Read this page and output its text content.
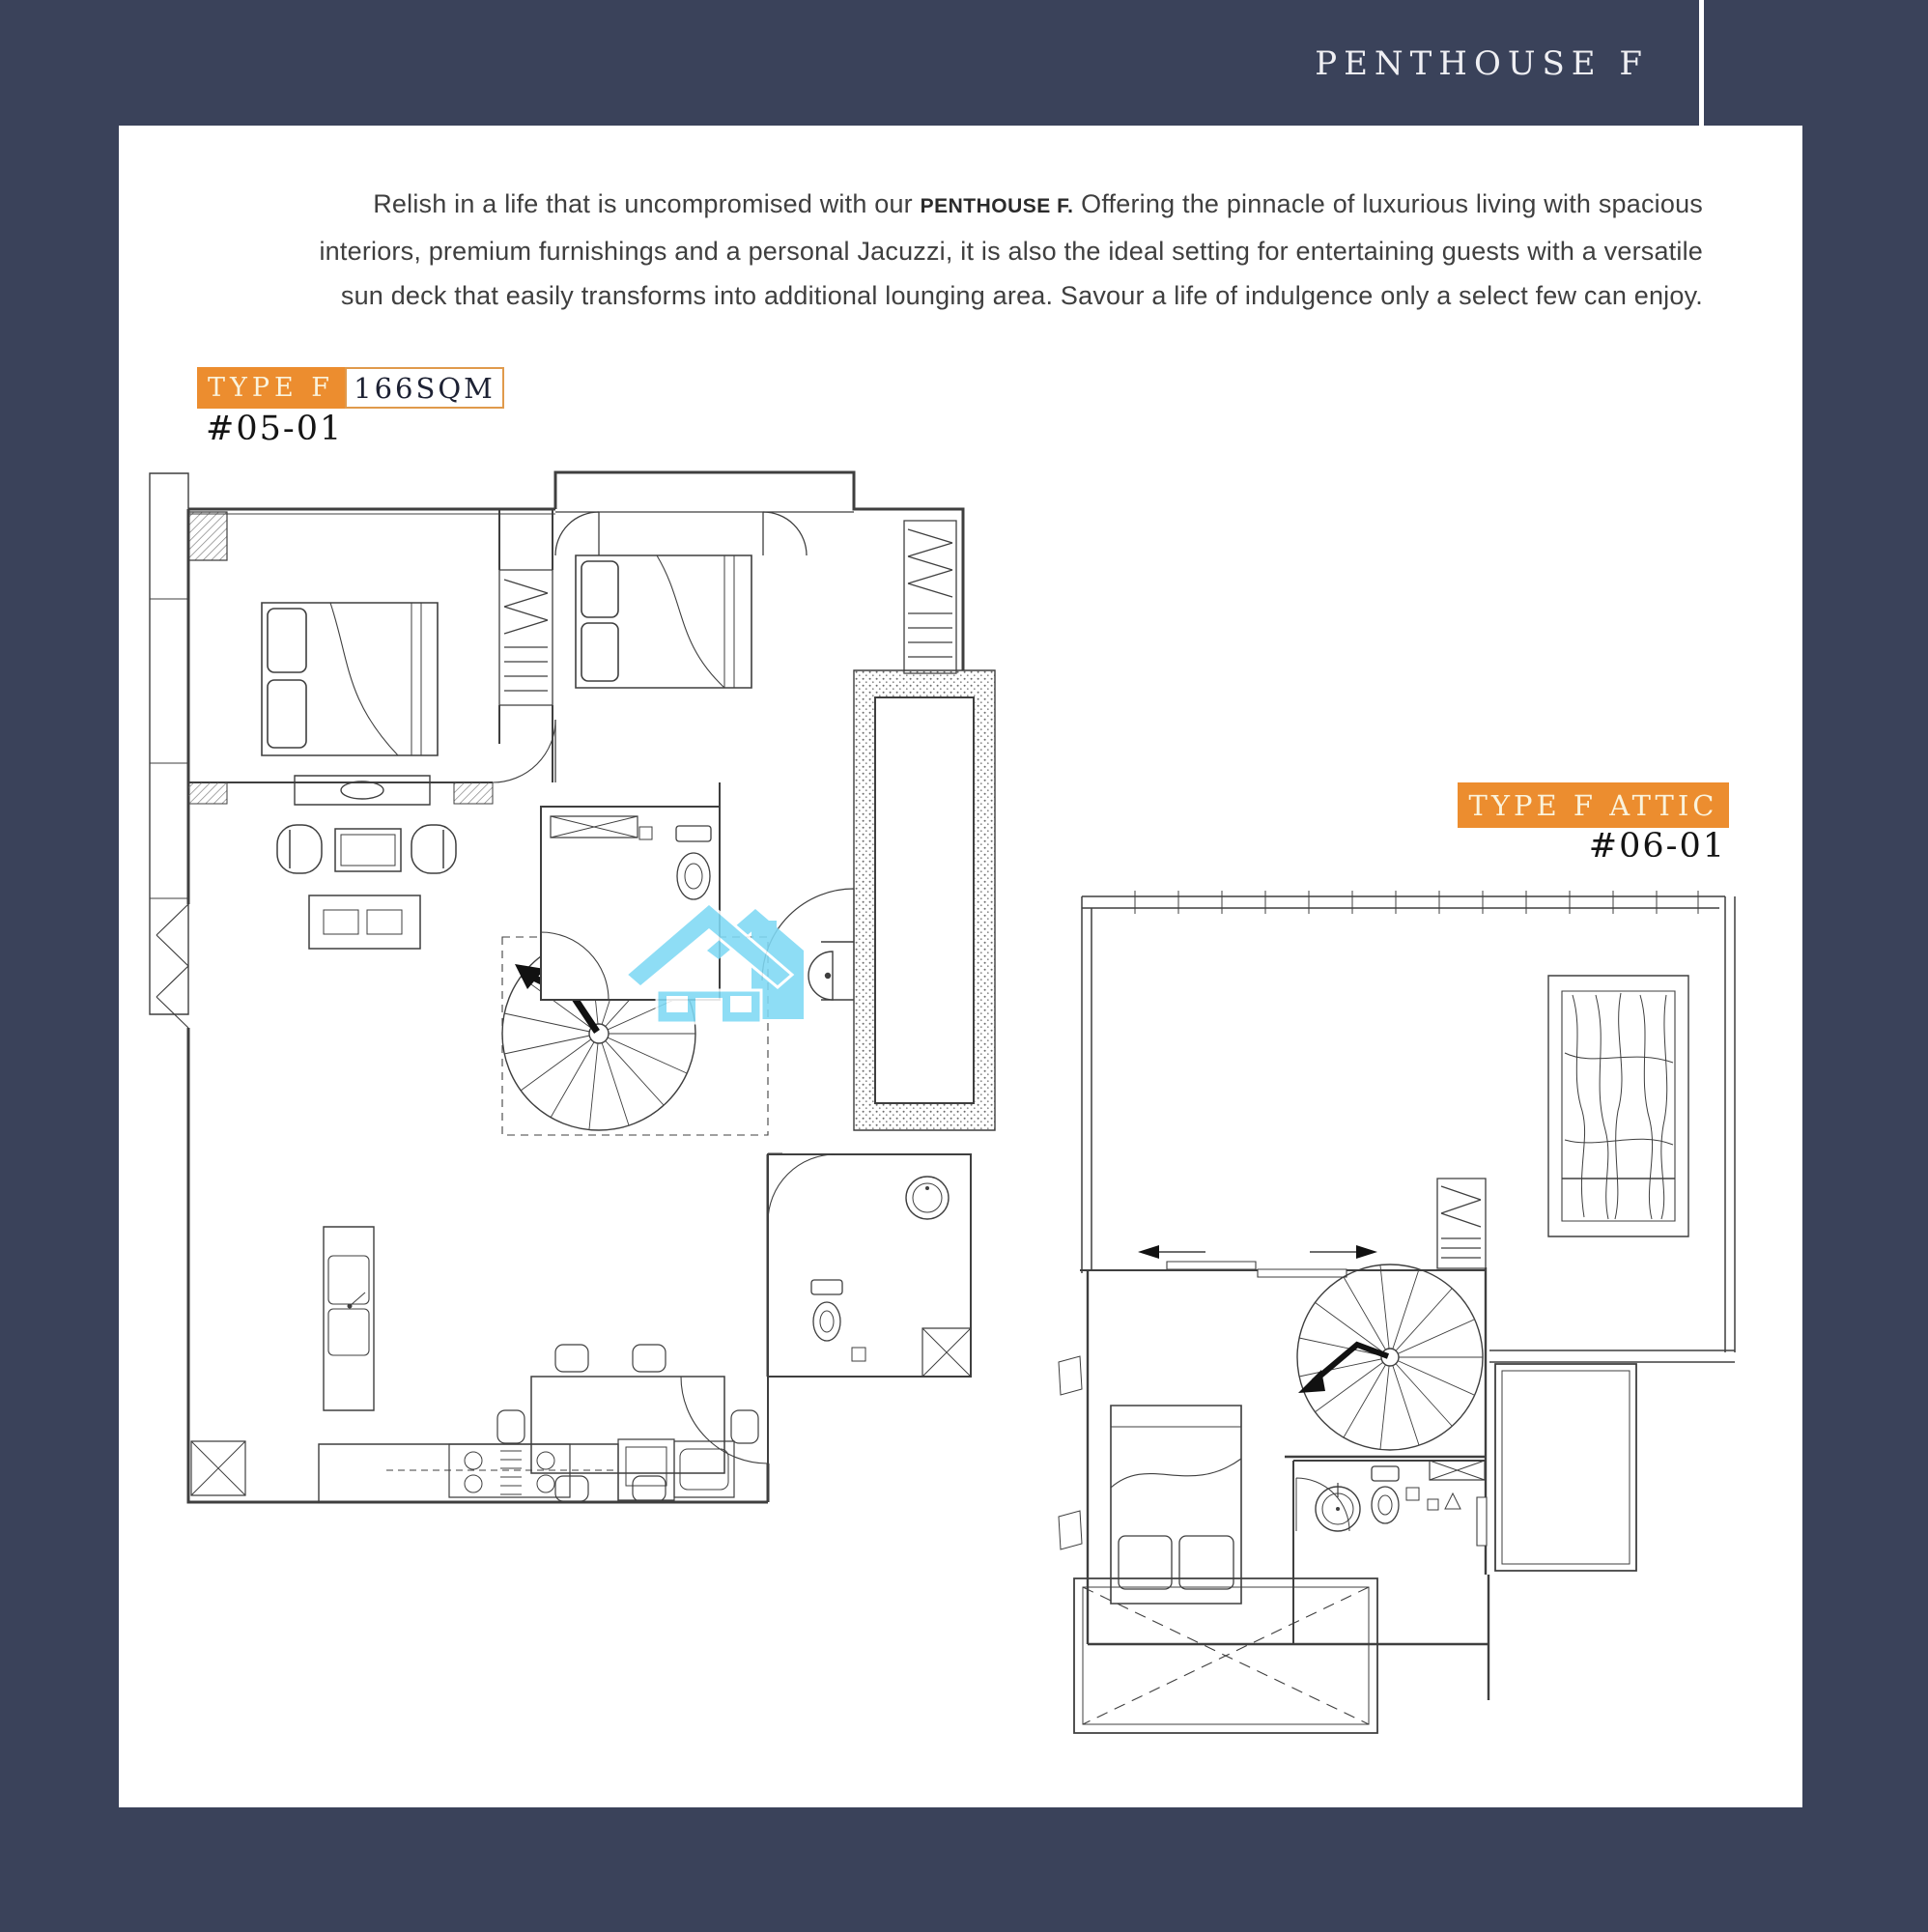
PENTHOUSE F
Relish in a life that is uncompromised with our PENTHOUSE F. Offering the pinnacle of luxurious living with spacious interiors, premium furnishings and a personal Jacuzzi, it is also the ideal setting for entertaining guests with a versatile sun deck that easily transforms into additional lounging area. Savour a life of indulgence only a select few can enjoy.
TYPE F 166SQM
#05-01
TYPE F ATTIC
#06-01
